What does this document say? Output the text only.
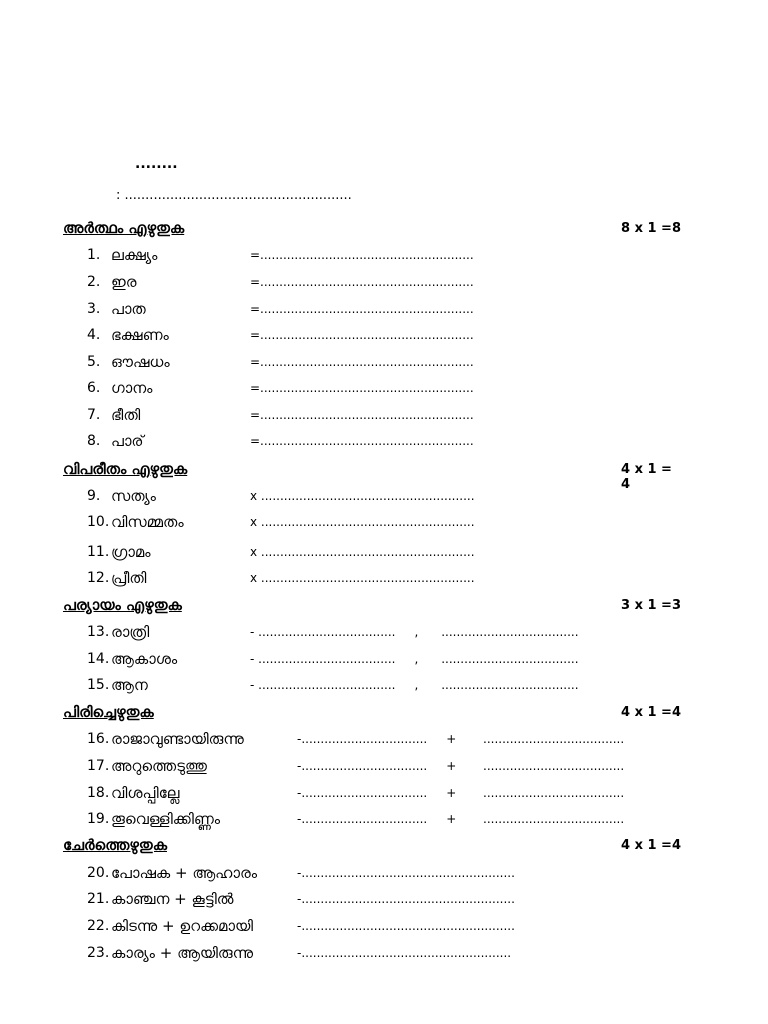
........
: .......................................................
അർത്ഥം എഴുതുക	8 x 1 =8
1. ലക്ഷ്യം	=........................................................
2. ഇര	=........................................................
3. പാത	=........................................................
4. ഭക്ഷണം	=........................................................
5. ഔഷധം	=........................................................
6. ഗാനം	=........................................................
7. ഭീതി	=........................................................
8. പാര്	=........................................................
വിപരീതം എഴുതുക	4 x 1 = 4
9. സത്യം	x ........................................................
10. വിസമ്മതം	x ........................................................
11. ഗ്രാമം	x ........................................................
12. പ്രീതി	x ........................................................
പര്യായം എഴുതുക	3 x 1 =3
13. രാത്രി	- ....................................     ,      ....................................
14. ആകാശം	- ....................................     ,      ....................................
15. ആന	- ....................................     ,      ....................................
പിരിച്ചെഴുതുക	4 x 1 =4
16. രാജാവുണ്ടായിരുന്നു	-.................................     +       .....................................
17. അറുത്തെടുത്തു	-.................................     +       .....................................
18. വിശപ്പില്ലേ	-.................................     +       .....................................
19. തൂവെള്ളിക്കിണ്ണം	-.................................     +       .....................................
ചേർത്തെഴുതുക	4 x 1 =4
20. പോഷക + ആഹാരം	-........................................................
21. കാഞ്ചന + കൂട്ടിൽ	-........................................................
22. കിടന്നു + ഉറക്കമായി	-........................................................
23. കാര്യം + ആയിരുന്നു	-.......................................................
